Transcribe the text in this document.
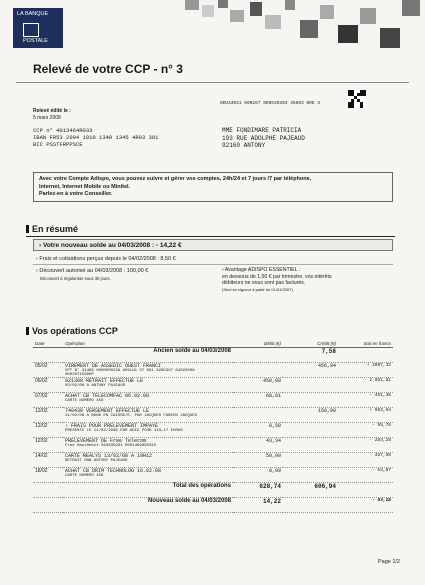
LA BANQUE
POSTALE
Relevé de votre CCP - n° 3
Relevé édité le :
5 mars 2008
0DU43021 000267 0D0539393 45603 0RE 3
CCP n° 4013464R033
IBAN FR53 2004 1010 1340 1345 4R03 301
BIC PSSTFRPPSCE
MME FONDIMARE PATRICIA
193 RUE ADOLPHE PAJEAUD
92160 ANTONY
Avec votre Compte Adispo, vous pouvez suivre et gérer vos comptes, 24h/24 et 7 jours /7 par téléphone,
Internet, Internet Mobile ou Minitel.
Parlez-en à votre Conseiller.
En résumé
› Votre nouveau solde au 04/03/2008 : - 14,22 €
› Frais et cotisations perçus depuis le 04/02/2008 : 8,50 €
› Découvert autorisé au 04/03/2008 : 100,00 €
Découvert à régulariser sous 30 jours.
› Avantage ADISPO ESSENTIEL :
en dessous de 1,50 € par trimestre, vos intérêts
débiteurs ne vous sont pas facturés.
(Seul en vigueur à partir du 01/01/2007)
Vos opérations CCP
Date	Opération	Débit (€)	Crédit (€)	Soit en francs
	Ancien solde au 04/03/2008		7,58	
05/02	VIREMENT DE ASSEDIC OUEST FRANCI
CPT N° 31489 000000022A AS9LN1 ST 091 6285307 04022008
0002071560HP		456,94	+ 2997,32
06/02	921300 RETRAIT EFFECTUE LE
03/02/08 A ANTONY PAJEAUD	450,00		- 2 951,81
07/02	ACHAT CB TELECOMFAC 06.02.08
CARTE NUMERO 456	68,81		- 451,36
12/02	740430 VERSEMENT EFFECTUE LE
11/02/08 A BONS EN CAISSE/E. PAR JACQUES FABIEN JACQUES		150,00	+ 983,94
12/02	› FRAIS POUR PRELEVEMENT IMPAYE
PRESENTE LE 11/02/2008 PAR ADIE POUR 143,17 EUROS	8,50		- 55,76
12/02	PRELEVEMENT DE Free Telecom
Free HautDebit 563635931 R001469995315	43,34		- 284,29
14/02	CARTE REALYS 13/02/08 A 19H12
RETRAIT DAB ANTONY PAJEAUD	50,00		- 327,98
18/02	ACHAT CB DRIM TECHNOLOG 16.02.08
CARTE NUMERO 456	8,09		- 53,07
	Total des opérations	628,74	606,94	
	Nouveau solde au 04/03/2008	14,22		- 93,28
Page 1/2
